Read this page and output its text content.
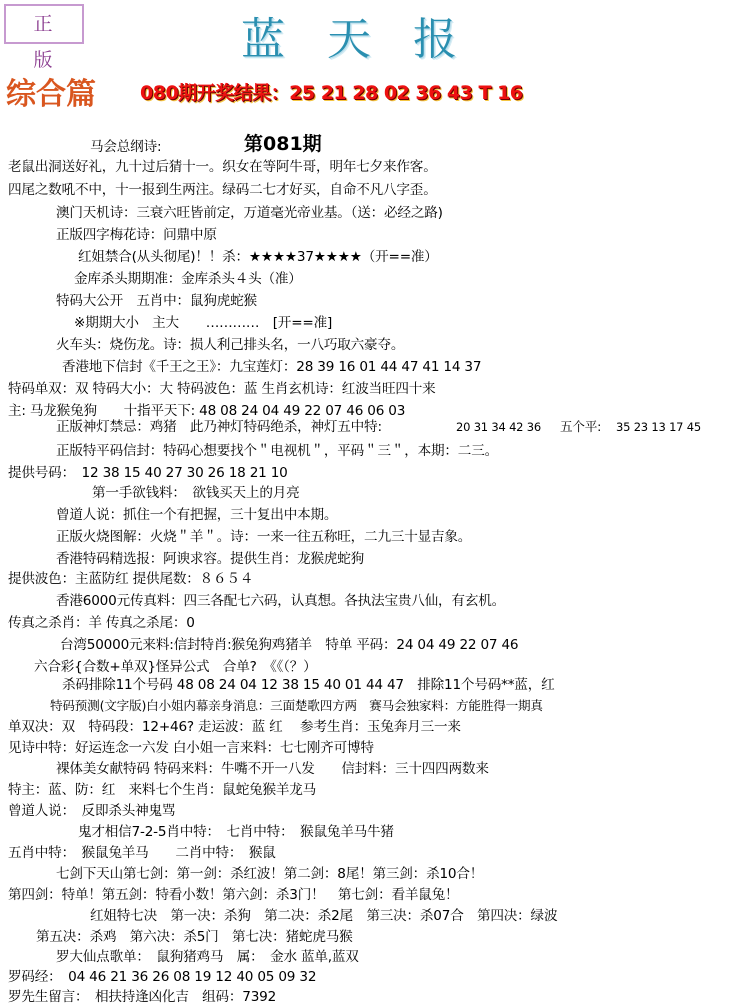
正 版	蓝天报
综合篇 080期开奖结果：25 21 28 02 36 43 T 16
第081期
马会总纲诗:
老鼠出洞送好礼，九十过后猜十一。织女在等阿牛哥，明年七夕来作客。
四尾之数吼不中，十一报到生两注。绿码二七才好买，自命不凡八字歪。
澳门天机诗：三衰六旺皆前定，万道毫光帝业基。（送：必经之路)
正版四字梅花诗：问鼎中原
红姐禁合(从头彻尾)！！杀：★★★★37★★★★（开==准）
金库杀头期期准：金库杀头４头（准）
特码大公开　五肖中：鼠狗虎蛇猴
※期期大小　主大　　…………　[开==准]
火车头：烧伤龙。诗：损人利己排头名，一八巧取六豪夺。
香港地下信封《千王之王》：九宝莲灯：28 39 16 01 44 47 41 14 37
特码单双：双 特码大小：大 特码波色：蓝 生肖玄机诗：红波当旺四十来
主: 马龙猴兔狗　　十指平天下: 48 08 24 04 49 22 07 46 06 03
正版神灯禁忌：鸡猪　此乃神灯特码绝杀，神灯五中特:	20 31 34 42 36 五个平: 35 23 13 17 45
正版特平码信封：特码心想要找个＂电视机＂，平码＂三＂，本期：二三。
提供号码：　12 38 15 40 27 30 26 18 21 10
第一手欲钱料：　欲钱买天上的月亮
曾道人说：抓住一个有把握，三十复出中本期。
正版火烧图解：火烧＂羊＂。诗：一来一往五称旺，二九三十显吉象。
香港特码精选报：阿谀求容。提供生肖：龙猴虎蛇狗
提供波色：主蓝防红 提供尾数：８６５４
香港6000元传真料：四三各配七六码，认真想。各执法宝贵八仙，有玄机。
传真之杀肖：羊 传真之杀尾：0
台湾50000元来料:信封特肖:猴兔狗鸡猪羊　特单 平码：24 04 49 22 07 46
六合彩{合数+单双}怪异公式　合单?　《《（？）
杀码排除11个号码 48 08 24 04 12 38 15 40 01 44 47　排除11个号码**蓝，红
特码预测(文字版)白小姐内幕亲身消息：三面楚歌四方两　赛马会独家料：方能胜得一期真
单双决：双　特码段：12+46? 走运波：蓝 红　 参考生肖：玉兔奔月三一来
见诗中特：好运连念一六发 白小姐一言来料：七七刚齐可博特
裸体美女献特码 特码来料：牛嘴不开一八发　　信封料：三十四四两数来
特主：蓝、防：红　来料七个生肖：鼠蛇兔猴羊龙马
曾道人说：　反即杀头神鬼骂
鬼才相信7-2-5肖中特：　七肖中特：　猴鼠兔羊马牛猪
五肖中特：　猴鼠兔羊马　　二肖中特：　猴鼠
七剑下天山第七剑：第一剑：杀红波！第二剑：8尾！第三剑：杀10合！
第四剑：特单！第五剑：特看小数！第六剑：杀3门！　第七剑：看羊鼠兔！
红姐特七决　第一决：杀狗　第二决：杀2尾　第三决：杀07合　第四决：绿波
第五决：杀鸡　第六决：杀5门　第七决：猪蛇虎马猴
罗大仙点歌单：　鼠狗猪鸡马　属：　金水 蓝单,蓝双
罗码经：　04 46 21 36 26 08 19 12 40 05 09 32
罗先生留言：　相扶持逢凶化吉　组码：7392
